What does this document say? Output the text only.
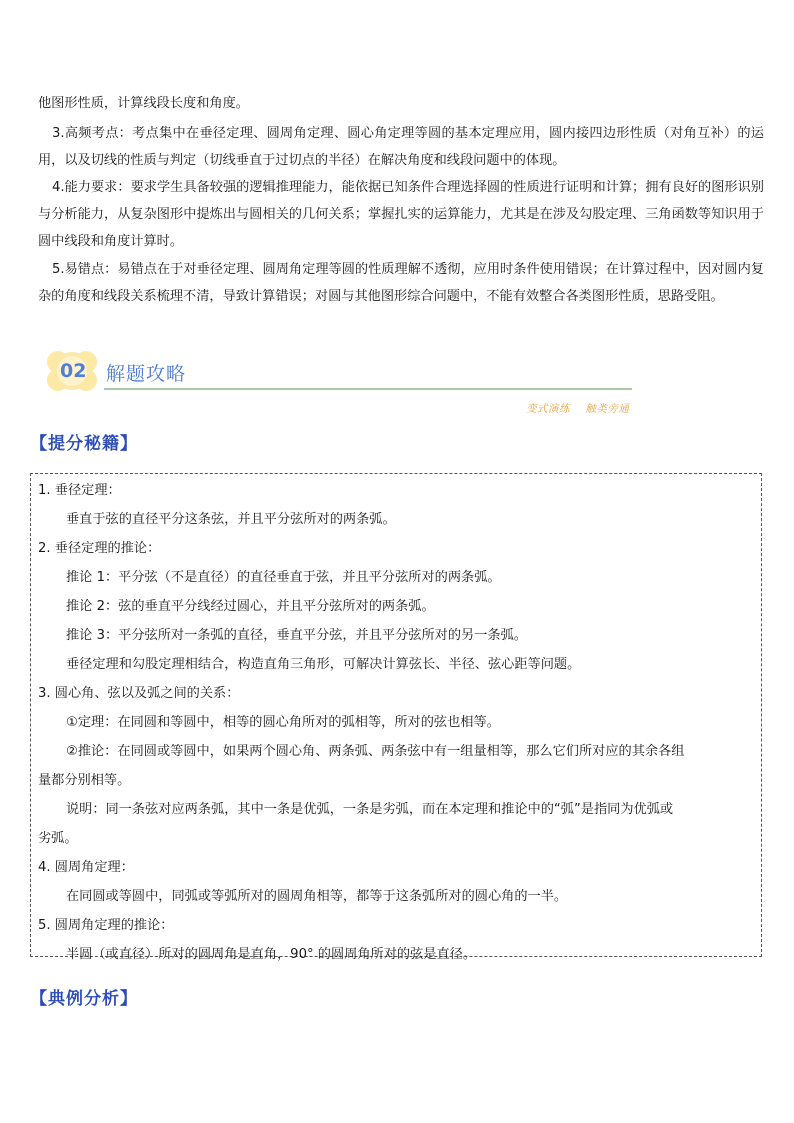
他图形性质，计算线段长度和角度。

3.高频考点：考点集中在垂径定理、圆周角定理、圆心角定理等圆的基本定理应用，圆内接四边形性质（对角互补）的运用，以及切线的性质与判定（切线垂直于过切点的半径）在解决角度和线段问题中的体现。

4.能力要求：要求学生具备较强的逻辑推理能力，能依据已知条件合理选择圆的性质进行证明和计算；拥有良好的图形识别与分析能力，从复杂图形中提炼出与圆相关的几何关系；掌握扎实的运算能力，尤其是在涉及勾股定理、三角函数等知识用于圆中线段和角度计算时。

5.易错点：易错点在于对垂径定理、圆周角定理等圆的性质理解不透彻，应用时条件使用错误；在计算过程中，因对圆内复杂的角度和线段关系梳理不清，导致计算错误；对圆与其他图形综合问题中，不能有效整合各类图形性质，思路受阻。

02 解题攻略
变式演练    触类旁通
【提分秘籍】

1. 垂径定理：

垂直于弦的直径平分这条弦，并且平分弦所对的两条弧。

2. 垂径定理的推论：

推论 1：平分弦（不是直径）的直径垂直于弦，并且平分弦所对的两条弧。

推论 2：弦的垂直平分线经过圆心，并且平分弦所对的两条弧。

推论 3：平分弦所对一条弧的直径，垂直平分弦，并且平分弦所对的另一条弧。

垂径定理和勾股定理相结合，构造直角三角形，可解决计算弦长、半径、弦心距等问题。

3. 圆心角、弦以及弧之间的关系：

①定理：在同圆和等圆中，相等的圆心角所对的弧相等，所对的弦也相等。

②推论：在同圆或等圆中，如果两个圆心角、两条弧、两条弦中有一组量相等，那么它们所对应的其余各组

量都分别相等。

说明：同一条弦对应两条弧，其中一条是优弧，一条是劣弧，而在本定理和推论中的“弧”是指同为优弧或

劣弧。

4. 圆周角定理：

在同圆或等圆中，同弧或等弧所对的圆周角相等，都等于这条弧所对的圆心角的一半。

5. 圆周角定理的推论：

半圆（或直径）所对的圆周角是直角，90° 的圆周角所对的弦是直径。

【典例分析】
